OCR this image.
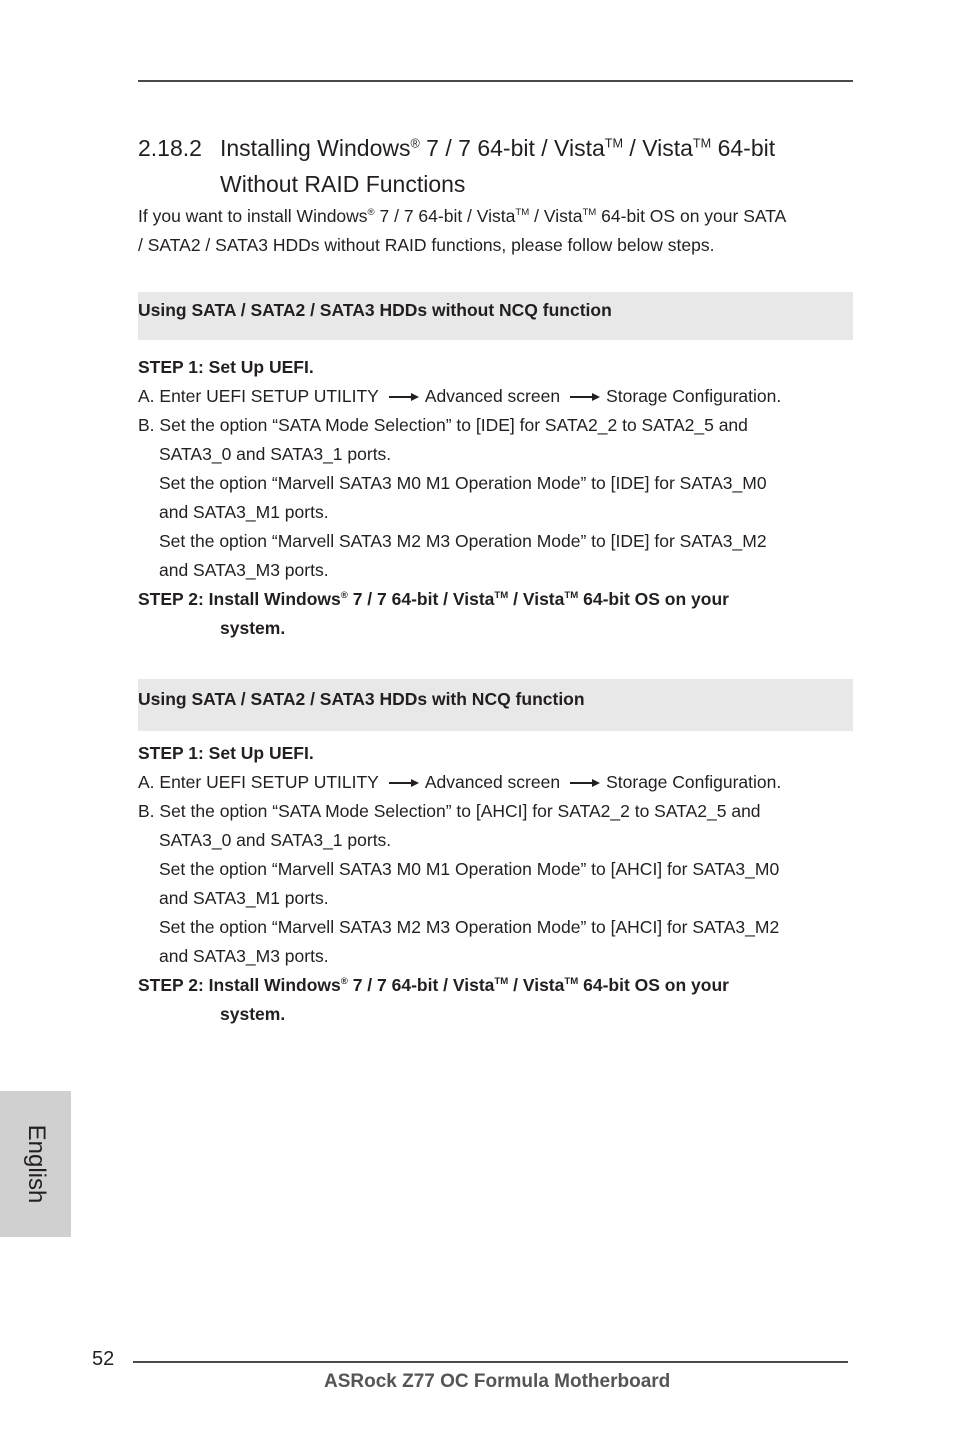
2.18.2 Installing Windows® 7 / 7 64-bit / Vista™ / Vista™ 64-bit
Without RAID Functions
If you want to install Windows® 7 / 7 64-bit / Vista™ / Vista™ 64-bit OS on your SATA
/ SATA2 / SATA3 HDDs without RAID functions, please follow below steps.
Using SATA / SATA2 / SATA3 HDDs without NCQ function
STEP 1: Set Up UEFI.
A. Enter UEFI SETUP UTILITY	Advanced screen	Storage Configuration.
B. Set the option “SATA Mode Selection” to [IDE] for SATA2_2 to SATA2_5 and
SATA3_0 and SATA3_1 ports.
Set the option “Marvell SATA3 M0 M1 Operation Mode” to [IDE] for SATA3_M0
and SATA3_M1 ports.
Set the option “Marvell SATA3 M2 M3 Operation Mode” to [IDE] for SATA3_M2
and SATA3_M3 ports.
STEP 2: Install Windows® 7 / 7 64-bit / Vista™ / Vista™ 64-bit OS on your
system.
Using SATA / SATA2 / SATA3 HDDs with NCQ function
STEP 1: Set Up UEFI.
A. Enter UEFI SETUP UTILITY	Advanced screen	Storage Configuration.
B. Set the option “SATA Mode Selection” to [AHCI] for SATA2_2 to SATA2_5 and
SATA3_0 and SATA3_1 ports.
Set the option “Marvell SATA3 M0 M1 Operation Mode” to [AHCI] for SATA3_M0
and SATA3_M1 ports.
Set the option “Marvell SATA3 M2 M3 Operation Mode” to [AHCI] for SATA3_M2
and SATA3_M3 ports.
STEP 2: Install Windows® 7 / 7 64-bit / Vista™ / Vista™ 64-bit OS on your
system.
English
52
ASRock Z77 OC Formula Motherboard
